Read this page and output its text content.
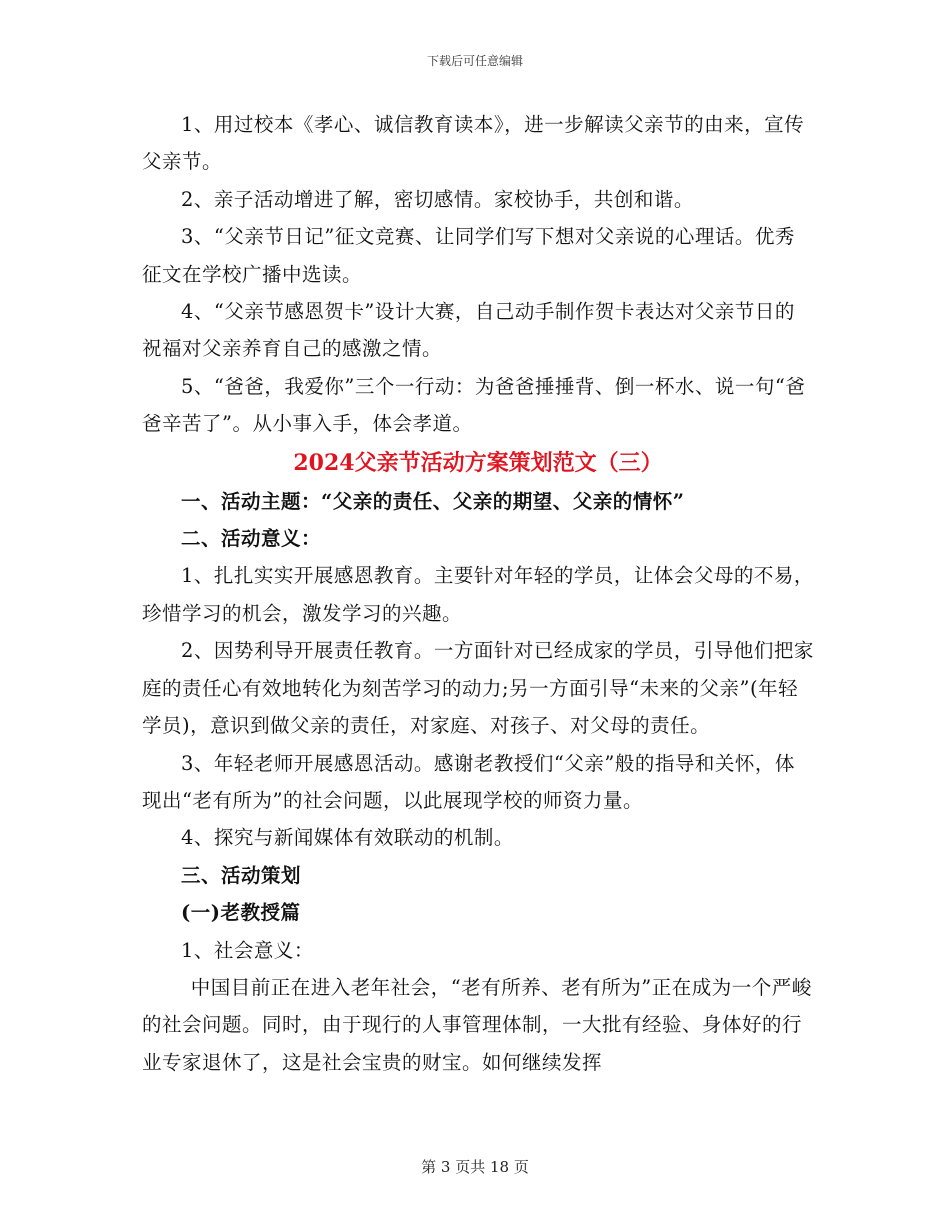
下载后可任意编辑

1、用过校本《孝心、诚信教育读本》，进一步解读父亲节的由来，宣传父亲节。

2、亲子活动增进了解，密切感情。家校协手，共创和谐。

3、“父亲节日记”征文竞赛、让同学们写下想对父亲说的心理话。优秀征文在学校广播中选读。

4、“父亲节感恩贺卡”设计大赛，自己动手制作贺卡表达对父亲节日的祝福对父亲养育自己的感激之情。

5、“爸爸，我爱你”三个一行动：为爸爸捶捶背、倒一杯水、说一句“爸爸辛苦了”。从小事入手，体会孝道。

2024父亲节活动方案策划范文（三）

一、活动主题：“父亲的责任、父亲的期望、父亲的情怀”

二、活动意义：

1、扎扎实实开展感恩教育。主要针对年轻的学员，让体会父母的不易，珍惜学习的机会，激发学习的兴趣。

2、因势利导开展责任教育。一方面针对已经成家的学员，引导他们把家庭的责任心有效地转化为刻苦学习的动力;另一方面引导“未来的父亲”(年轻学员)，意识到做父亲的责任，对家庭、对孩子、对父母的责任。

3、年轻老师开展感恩活动。感谢老教授们“父亲”般的指导和关怀，体现出“老有所为”的社会问题，以此展现学校的师资力量。

4、探究与新闻媒体有效联动的机制。

三、活动策划

(一)老教授篇

1、社会意义：

中国目前正在进入老年社会，“老有所养、老有所为”正在成为一个严峻的社会问题。同时，由于现行的人事管理体制，一大批有经验、身体好的行业专家退休了，这是社会宝贵的财宝。如何继续发挥

第 3 页共 18 页
